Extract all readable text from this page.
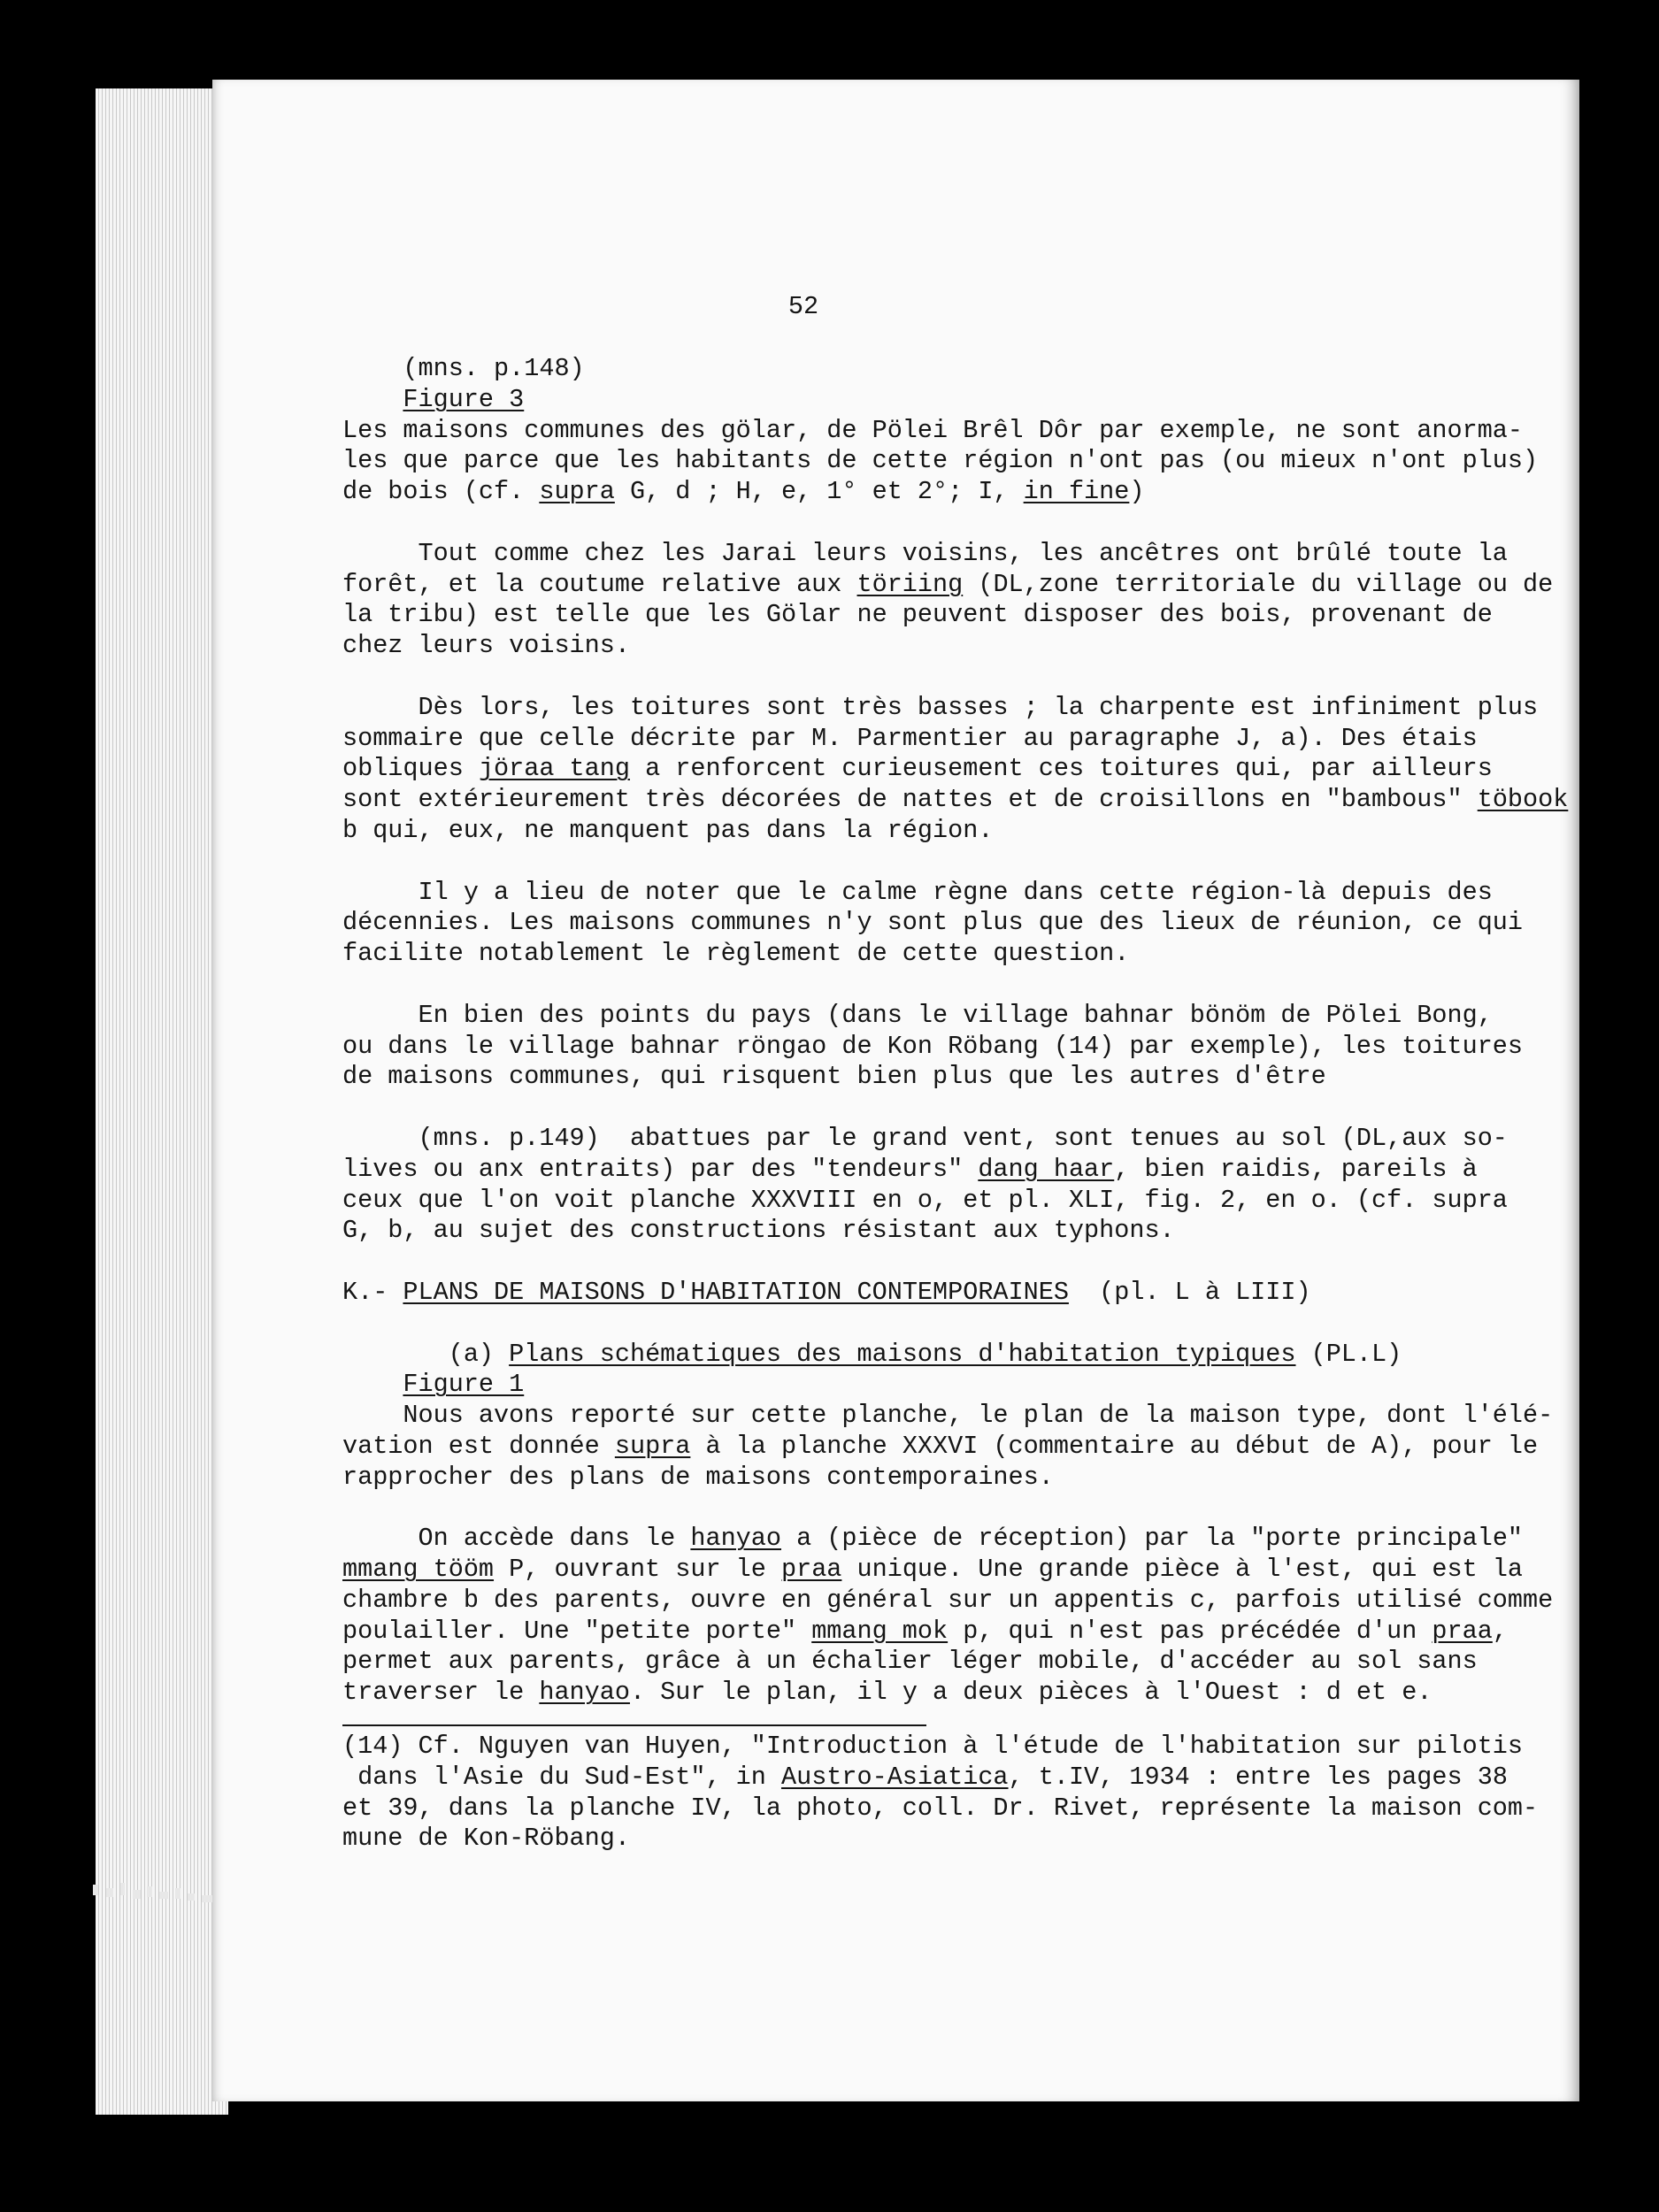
52
(mns. p.148)
Figure 3
Les maisons communes des gölar, de Pölei Brêl Dôr par exemple, ne sont anorma-
les que parce que les habitants de cette région n'ont pas (ou mieux n'ont plus)
de bois (cf. supra G, d ; H, e, 1° et 2°; I, in fine)
Tout comme chez les Jarai leurs voisins, les ancêtres ont brûlé toute la
forêt, et la coutume relative aux töriing (DL,zone territoriale du village ou de
la tribu) est telle que les Gölar ne peuvent disposer des bois, provenant de
chez leurs voisins.
Dès lors, les toitures sont très basses ; la charpente est infiniment plus
sommaire que celle décrite par M. Parmentier au paragraphe J, a). Des étais
obliques jöraa tang a renforcent curieusement ces toitures qui, par ailleurs
sont extérieurement très décorées de nattes et de croisillons en "bambous" töbook
b qui, eux, ne manquent pas dans la région.
Il y a lieu de noter que le calme règne dans cette région-là depuis des
décennies. Les maisons communes n'y sont plus que des lieux de réunion, ce qui
facilite notablement le règlement de cette question.
En bien des points du pays (dans le village bahnar bönöm de Pölei Bong,
ou dans le village bahnar röngao de Kon Röbang (14) par exemple), les toitures
de maisons communes, qui risquent bien plus que les autres d'être
(mns. p.149)  abattues par le grand vent, sont tenues au sol (DL,aux so-
lives ou anx entraits) par des "tendeurs" dang haar, bien raidis, pareils à
ceux que l'on voit planche XXXVIII en o, et pl. XLI, fig. 2, en o. (cf. supra
G, b, au sujet des constructions résistant aux typhons.
K.- PLANS DE MAISONS D'HABITATION CONTEMPORAINES  (pl. L à LIII)
(a) Plans schématiques des maisons d'habitation typiques (PL.L)
Figure 1
Nous avons reporté sur cette planche, le plan de la maison type, dont l'élé-
vation est donnée supra à la planche XXXVI (commentaire au début de A), pour le
rapprocher des plans de maisons contemporaines.
On accède dans le hanyao a (pièce de réception) par la "porte principale"
mmang tööm P, ouvrant sur le praa unique. Une grande pièce à l'est, qui est la
chambre b des parents, ouvre en général sur un appentis c, parfois utilisé comme
poulailler. Une "petite porte" mmang mok p, qui n'est pas précédée d'un praa,
permet aux parents, grâce à un échalier léger mobile, d'accéder au sol sans
traverser le hanyao. Sur le plan, il y a deux pièces à l'Ouest : d et e.
(14) Cf. Nguyen van Huyen, "Introduction à l'étude de l'habitation sur pilotis
dans l'Asie du Sud-Est", in Austro-Asiatica, t.IV, 1934 : entre les pages 38
et 39, dans la planche IV, la photo, coll. Dr. Rivet, représente la maison com-
mune de Kon-Röbang.
